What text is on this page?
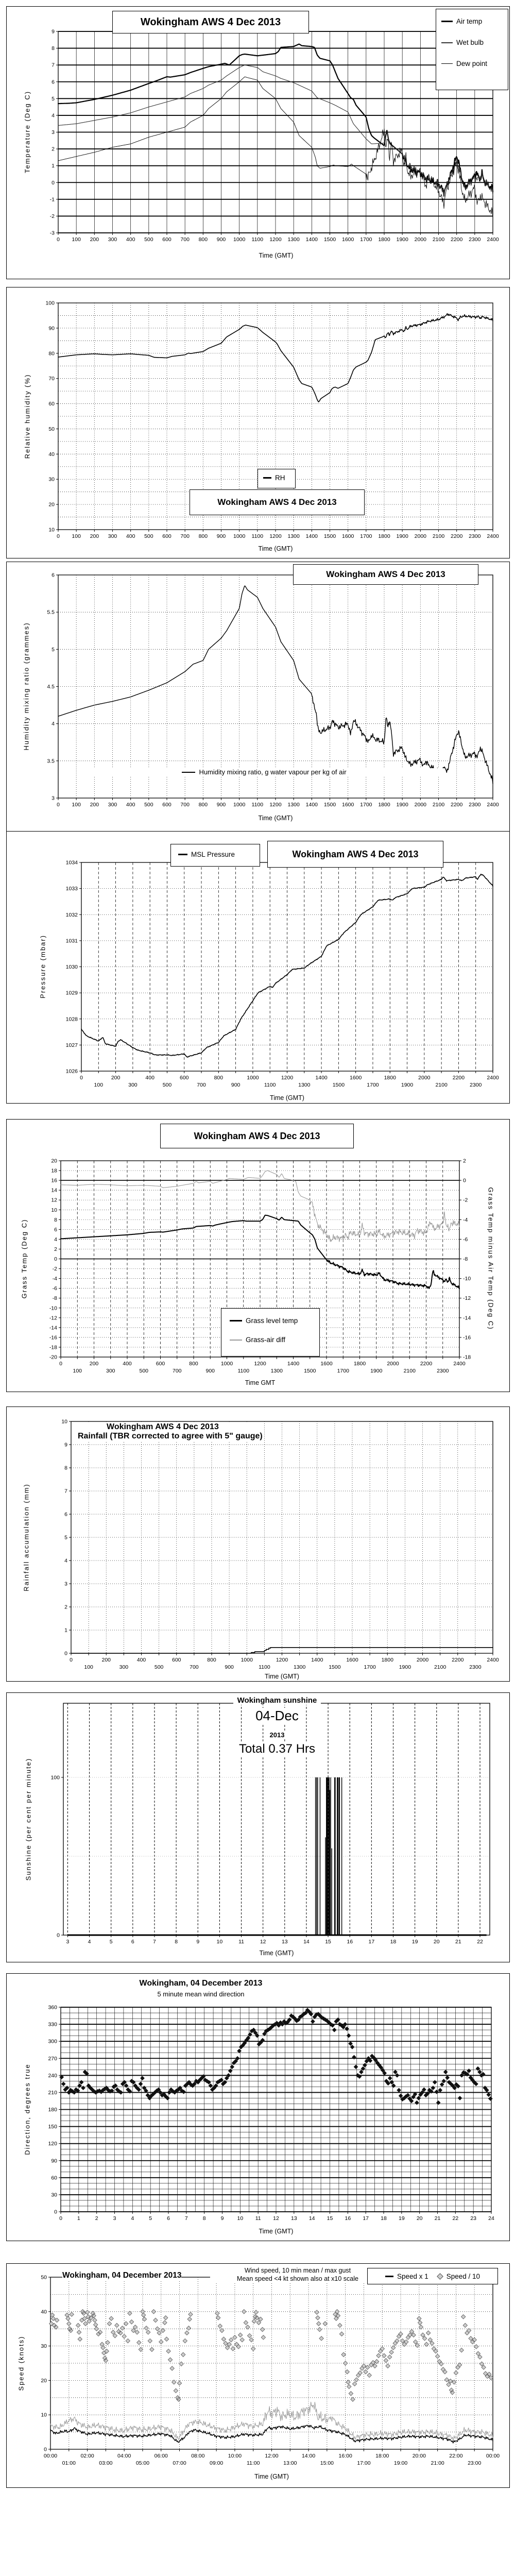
0 100 200 300 400 500 600 700 800 900 1000 1100 1200 1300 1400 1500 1600 1700 1800 1900 2000 2100 2200 2300 2400
-3
-2
-1
0
1
2
3
4
5
6
7
8
9
Wokingham AWS 4 Dec 2013	Air temp
Wet bulb
Dew point
Temperature (Deg C)
Time (GMT)
0 100 200 300 400 500 600 700 800 900 1000 1100 1200 1300 1400 1500 1600 1700 1800 1900 2000 2100 2200 2300 2400
10
20
30
40
50
60
70
80
90
100
RH
Wokingham AWS 4 Dec 2013
Relative humidity (%)
Time (GMT)
0 100 200 300 400 500 600 700 800 900 1000 1100 1200 1300 1400 1500 1600 1700 1800 1900 2000 2100 2200 2300 2400
3
3.5
4
4.5
5
5.5
6	Wokingham AWS 4 Dec 2013
Humidity mixing ratio, g water vapour per kg of air
Humidity mixing ratio (grammes)
Time (GMT)
0
100
200
300
400
500
600
700
800
900
1000
1100
1200
1300
1400
1500
1600
1700
1800
1900
2000
2100
2200
2300
2400
1026
1027
1028
1029
1030
1031
1032
1033
1034
MSL Pressure	Wokingham AWS 4 Dec 2013
Pressure (mbar)
Time (GMT)
0
100
200
300
400
500
600
700
800
900
1000
1100
1200
1300
1400
1500
1600
1700
1800
1900
2000
2100
2200
2300
2400
-20
-18
-16
-14
-12
-10
-8
-6
-4
-2
0
2
4
6
8
10
12
14
16
18
20
-18
-16
-14
-12
-10
-8
-6
-4
-2
0
2
Wokingham AWS 4 Dec 2013
Grass level temp
Grass-air diff
Grass Temp (Deg C)	Grass Temp minus Air Temp (Deg C)
Time GMT
0
100
200
300
400
500
600
700
800
900
1000
1100
1200
1300
1400
1500
1600
1700
1800
1900
2000
2100
2200
2300
2400
0
1
2
3
4
5
6
7
8
9
10
Wokingham AWS 4 Dec 2013
Rainfall (TBR corrected to agree with 5" gauge)
Rainfall accumulation (mm)
Time (GMT)
3	4	5	6	7	8	9	10	11	12	13	14	15	16	17	18	19	20	21	22
0
100
Wokingham sunshine
04-Dec
2013
Total 0.37 Hrs
Sunshine (per cent per minute)
Time (GMT)
0	1	2	3	4	5	6	7	8	9 10 11 12 13 14 15 16 17 18 19 20 21 22 23 24
0
30
60
90
120
150
180
210
240
270
300
330
360
Wokingham, 04 December 2013
5 minute mean wind direction
Direction, degrees true
Time (GMT)
00:00
01:00
02:00
03:00
04:00
05:00
06:00
07:00
08:00
09:00
10:00
11:00
12:00
13:00
14:00
15:00
16:00
17:00
18:00
19:00
20:00
21:00
22:00
23:00
00:00
0
10
20
30
40
50 Wokingham, 04 December 2013
Wind speed, 10 min mean / max gust
Mean speed <4 kt shown also at x10 scale	Speed x 1	Speed / 10
Speed (knots)
Time (GMT)
